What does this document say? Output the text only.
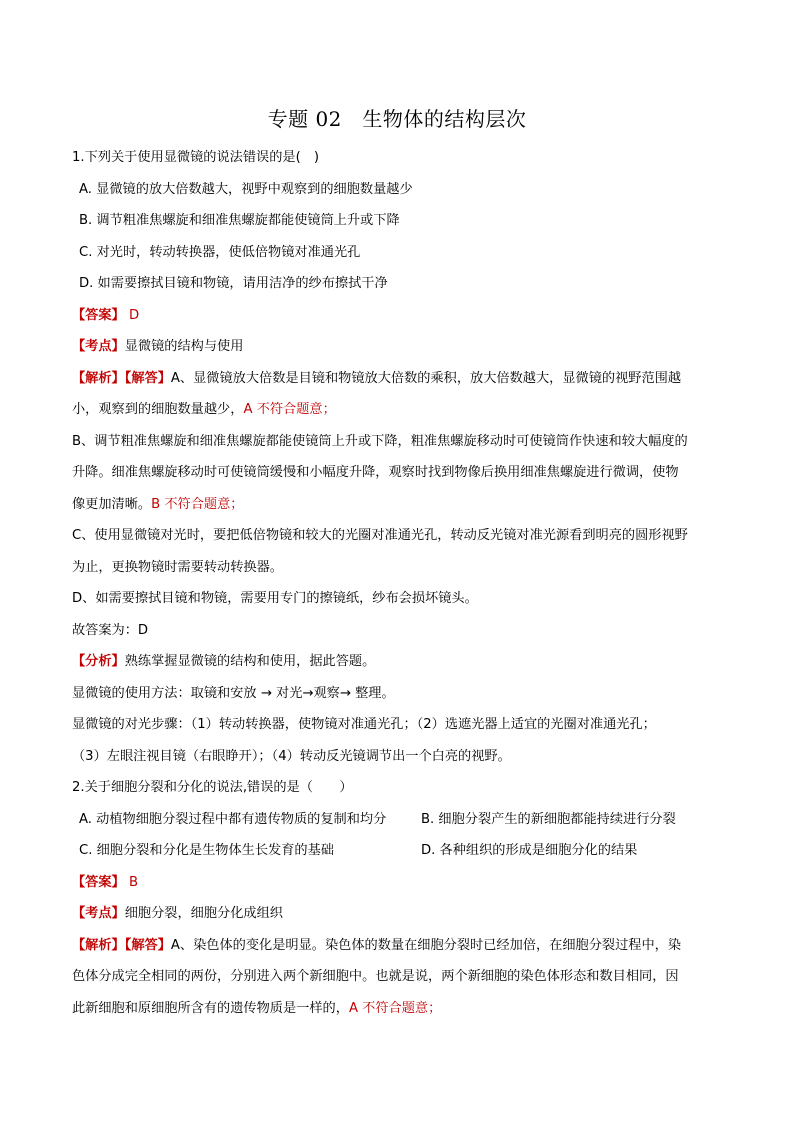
专题 02　生物体的结构层次
1.下列关于使用显微镜的说法错误的是(　)
A. 显微镜的放大倍数越大，视野中观察到的细胞数量越少
B. 调节粗准焦螺旋和细准焦螺旋都能使镜筒上升或下降
C. 对光时，转动转换器，使低倍物镜对准通光孔
D. 如需要擦拭目镜和物镜，请用洁净的纱布擦拭干净
【答案】 D
【考点】显微镜的结构与使用
【解析】【解答】A、显微镜放大倍数是目镜和物镜放大倍数的乘积，放大倍数越大，显微镜的视野范围越
小，观察到的细胞数量越少，A 不符合题意；
B、调节粗准焦螺旋和细准焦螺旋都能使镜筒上升或下降，粗准焦螺旋移动时可使镜筒作快速和较大幅度的
升降。细准焦螺旋移动时可使镜筒缓慢和小幅度升降，观察时找到物像后换用细准焦螺旋进行微调，使物
像更加清晰。B 不符合题意；
C、使用显微镜对光时，要把低倍物镜和较大的光圈对准通光孔，转动反光镜对准光源看到明亮的圆形视野
为止，更换物镜时需要转动转换器。
D、如需要擦拭目镜和物镜，需要用专门的擦镜纸，纱布会损坏镜头。
故答案为：D
【分析】熟练掌握显微镜的结构和使用，据此答题。
显微镜的使用方法：取镜和安放 → 对光→观察→ 整理。
显微镜的对光步骤：（1）转动转换器，使物镜对准通光孔；（2）选遮光器上适宜的光圈对准通光孔；
（3）左眼注视目镜（右眼睁开）；（4）转动反光镜调节出一个白亮的视野。
2.关于细胞分裂和分化的说法,错误的是（　　）
A. 动植物细胞分裂过程中都有遗传物质的复制和均分	B. 细胞分裂产生的新细胞都能持续进行分裂
C. 细胞分裂和分化是生物体生长发育的基础	D. 各种组织的形成是细胞分化的结果
【答案】 B
【考点】细胞分裂，细胞分化成组织
【解析】【解答】A、染色体的变化是明显。染色体的数量在细胞分裂时已经加倍，在细胞分裂过程中，染
色体分成完全相同的两份，分别进入两个新细胞中。也就是说，两个新细胞的染色体形态和数目相同，因
此新细胞和原细胞所含有的遗传物质是一样的，A 不符合题意；
